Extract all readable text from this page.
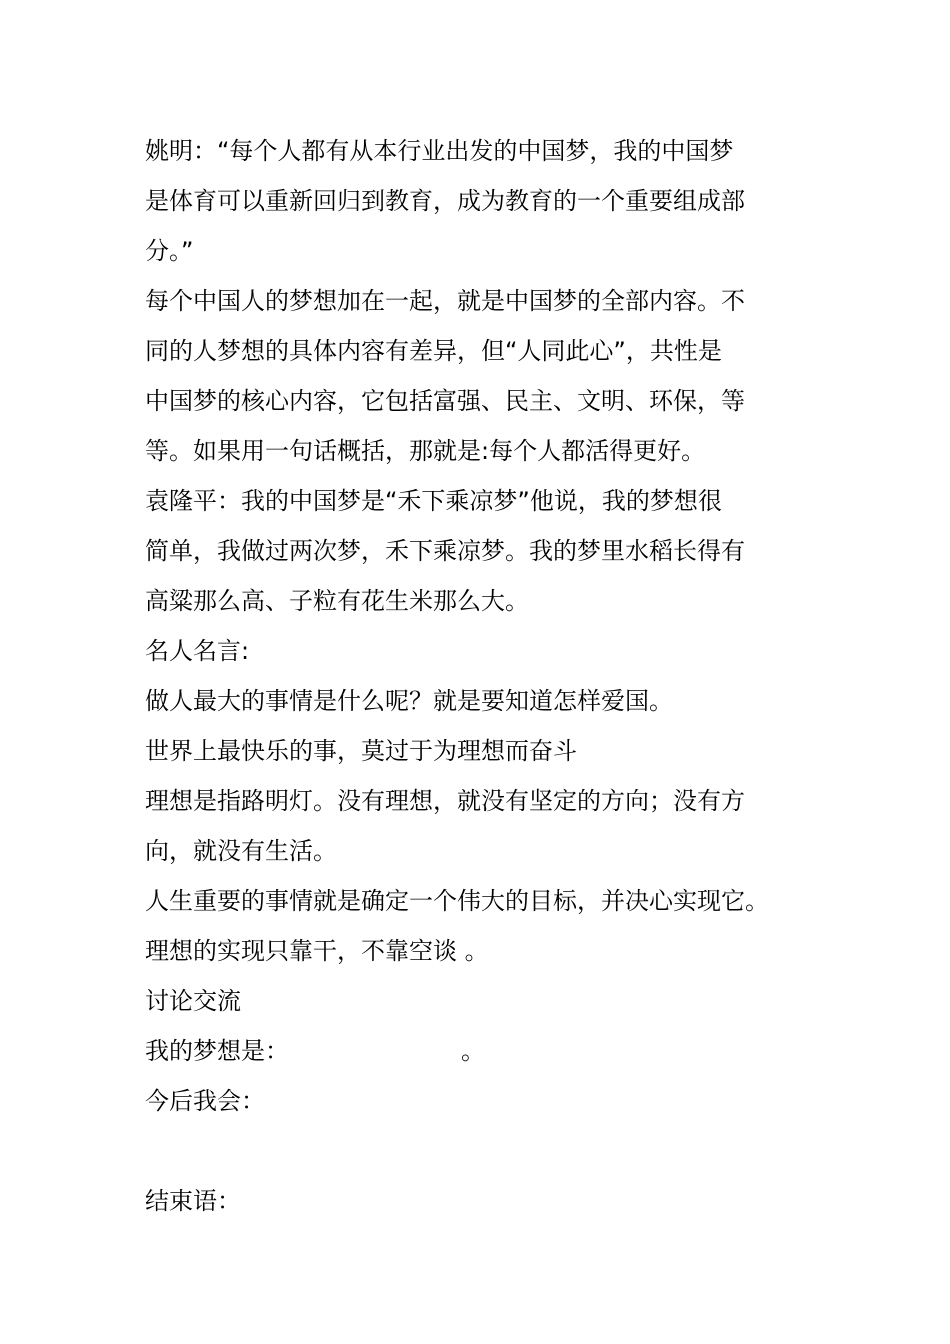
姚明：“每个人都有从本行业出发的中国梦，我的中国梦
是体育可以重新回归到教育，成为教育的一个重要组成部
分。”
每个中国人的梦想加在一起，就是中国梦的全部内容。不
同的人梦想的具体内容有差异，但“人同此心”，共性是
中国梦的核心内容，它包括富强、民主、文明、环保，等
等。如果用一句话概括，那就是:每个人都活得更好。
袁隆平：我的中国梦是“禾下乘凉梦”他说，我的梦想很
简单，我做过两次梦，禾下乘凉梦。我的梦里水稻长得有
高粱那么高、子粒有花生米那么大。
名人名言:
做人最大的事情是什么呢？就是要知道怎样爱国。
世界上最快乐的事，莫过于为理想而奋斗
理想是指路明灯。没有理想，就没有坚定的方向；没有方
向，就没有生活。
人生重要的事情就是确定一个伟大的目标，并决心实现它。
理想的实现只靠干，不靠空谈 。
讨论交流
我的梦想是：	。
今后我会：
结束语：
